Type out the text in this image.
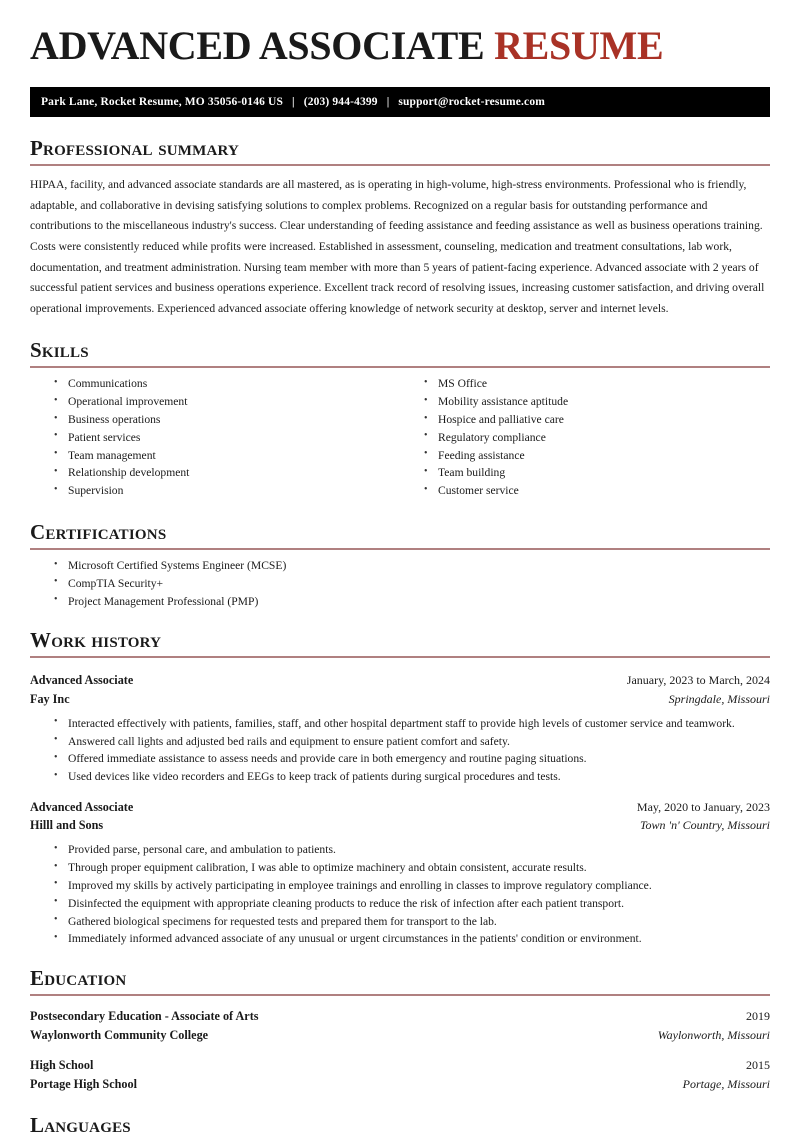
ADVANCED ASSOCIATE RESUME
Park Lane, Rocket Resume, MO 35056-0146 US | (203) 944-4399 | support@rocket-resume.com
Professional summary

HIPAA, facility, and advanced associate standards are all mastered, as is operating in high-volume, high-stress environments. Professional who is friendly, adaptable, and collaborative in devising satisfying solutions to complex problems. Recognized on a regular basis for outstanding performance and contributions to the miscellaneous industry's success. Clear understanding of feeding assistance and feeding assistance as well as business operations training. Costs were consistently reduced while profits were increased. Established in assessment, counseling, medication and treatment consultations, lab work, documentation, and treatment administration. Nursing team member with more than 5 years of patient-facing experience. Advanced associate with 2 years of successful patient services and business operations experience. Excellent track record of resolving issues, increasing customer satisfaction, and driving overall operational improvements. Experienced advanced associate offering knowledge of network security at desktop, server and internet levels.

Skills
• Communications
• Operational improvement
• Business operations
• Patient services
• Team management
• Relationship development
• Supervision
• MS Office
• Mobility assistance aptitude
• Hospice and palliative care
• Regulatory compliance
• Feeding assistance
• Team building
• Customer service
Certifications
• Microsoft Certified Systems Engineer (MCSE)
• CompTIA Security+
• Project Management Professional (PMP)
Work history
Advanced Associate	January, 2023 to March, 2024
Fay Inc	Springdale, Missouri
• Interacted effectively with patients, families, staff, and other hospital department staff to provide high levels of customer service and teamwork.
• Answered call lights and adjusted bed rails and equipment to ensure patient comfort and safety.
• Offered immediate assistance to assess needs and provide care in both emergency and routine paging situations.
• Used devices like video recorders and EEGs to keep track of patients during surgical procedures and tests.
Advanced Associate	May, 2020 to January, 2023
Hilll and Sons	Town 'n' Country, Missouri
• Provided parse, personal care, and ambulation to patients.
• Through proper equipment calibration, I was able to optimize machinery and obtain consistent, accurate results.
• Improved my skills by actively participating in employee trainings and enrolling in classes to improve regulatory compliance.
• Disinfected the equipment with appropriate cleaning products to reduce the risk of infection after each patient transport.
• Gathered biological specimens for requested tests and prepared them for transport to the lab.
• Immediately informed advanced associate of any unusual or urgent circumstances in the patients' condition or environment.
Education
Postsecondary Education - Associate of Arts	2019
Waylonworth Community College	Waylonworth, Missouri
High School	2015
Portage High School	Portage, Missouri
Languages
